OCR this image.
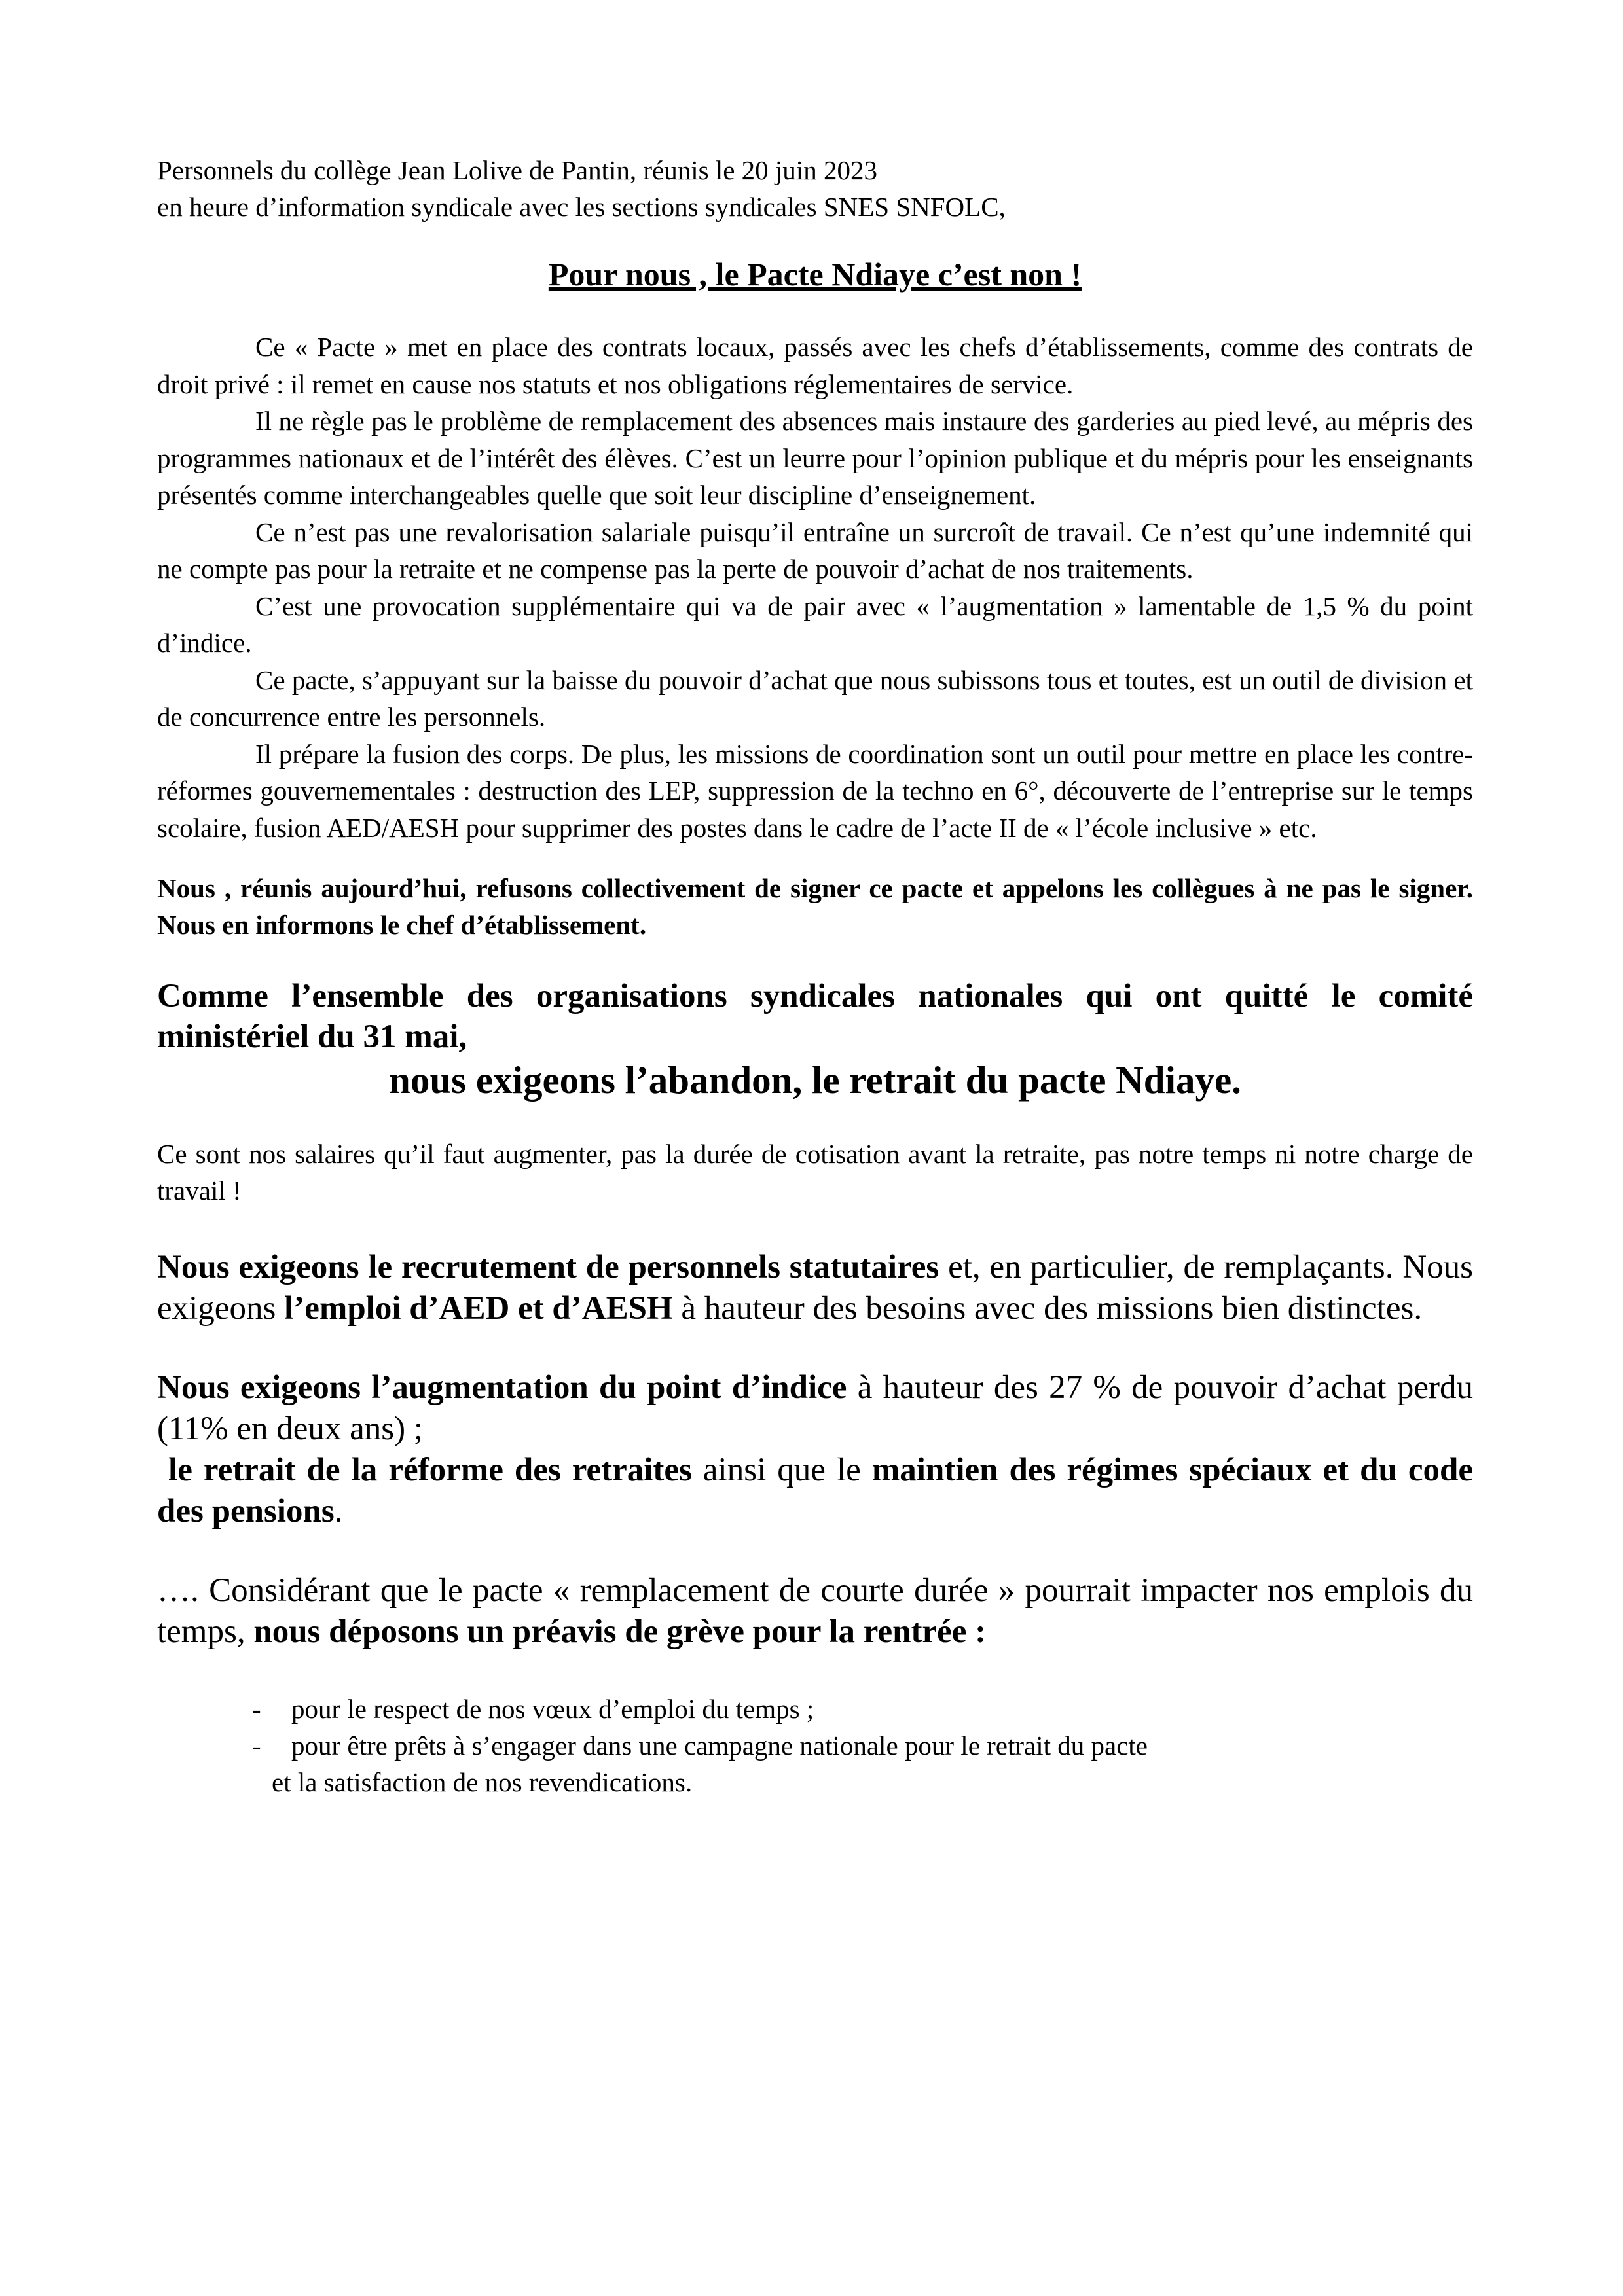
Personnels du collège Jean Lolive de Pantin, réunis le 20 juin 2023

en heure d’information syndicale avec les sections syndicales SNES SNFOLC,

Pour nous , le Pacte Ndiaye c’est non !

Ce « Pacte » met en place des contrats locaux, passés avec les chefs d’établissements, comme des contrats de droit privé : il remet en cause nos statuts et nos obligations réglementaires de service.

Il ne règle pas le problème de remplacement des absences mais instaure des garderies au pied levé, au mépris des programmes nationaux et de l’intérêt des élèves. C’est un leurre pour l’opinion publique et du mépris pour les enseignants présentés comme interchangeables quelle que soit leur discipline d’enseignement.

Ce n’est pas une revalorisation salariale puisqu’il entraîne un surcroît de travail. Ce n’est qu’une indemnité qui ne compte pas pour la retraite et ne compense pas la perte de pouvoir d’achat de nos traitements.

C’est une provocation supplémentaire qui va de pair avec « l’augmentation » lamentable de 1,5 % du point d’indice.

Ce pacte, s’appuyant sur la baisse du pouvoir d’achat que nous subissons tous et toutes, est un outil de division et de concurrence entre les personnels.

Il prépare la fusion des corps. De plus, les missions de coordination sont un outil pour mettre en place les contre-réformes gouvernementales : destruction des LEP, suppression de la techno en 6°, découverte de l’entreprise sur le temps scolaire, fusion AED/AESH pour supprimer des postes dans le cadre de l’acte II de « l’école inclusive » etc.

Nous , réunis aujourd’hui, refusons collectivement de signer ce pacte et appelons les collègues à ne pas le signer. Nous en informons le chef d’établissement.

Comme l’ensemble des organisations syndicales nationales qui ont quitté le comité ministériel du 31 mai,

nous exigeons l’abandon, le retrait du pacte Ndiaye.

Ce sont nos salaires qu’il faut augmenter, pas la durée de cotisation avant la retraite, pas notre temps ni notre charge de travail !

Nous exigeons le recrutement de personnels statutaires et, en particulier, de remplaçants. Nous exigeons l’emploi d’AED et d’AESH à hauteur des besoins avec des missions bien distinctes.

Nous exigeons l’augmentation du point d’indice à hauteur des 27 % de pouvoir d’achat perdu (11% en deux ans) ;

le retrait de la réforme des retraites ainsi que le maintien des régimes spéciaux et du code des pensions.

…. Considérant que le pacte « remplacement de courte durée » pourrait impacter nos emplois du temps, nous déposons un préavis de grève pour la rentrée :

- pour le respect de nos vœux d’emploi du temps ;
- pour être prêts à s’engager dans une campagne nationale pour le retrait du pacte
et la satisfaction de nos revendications.
